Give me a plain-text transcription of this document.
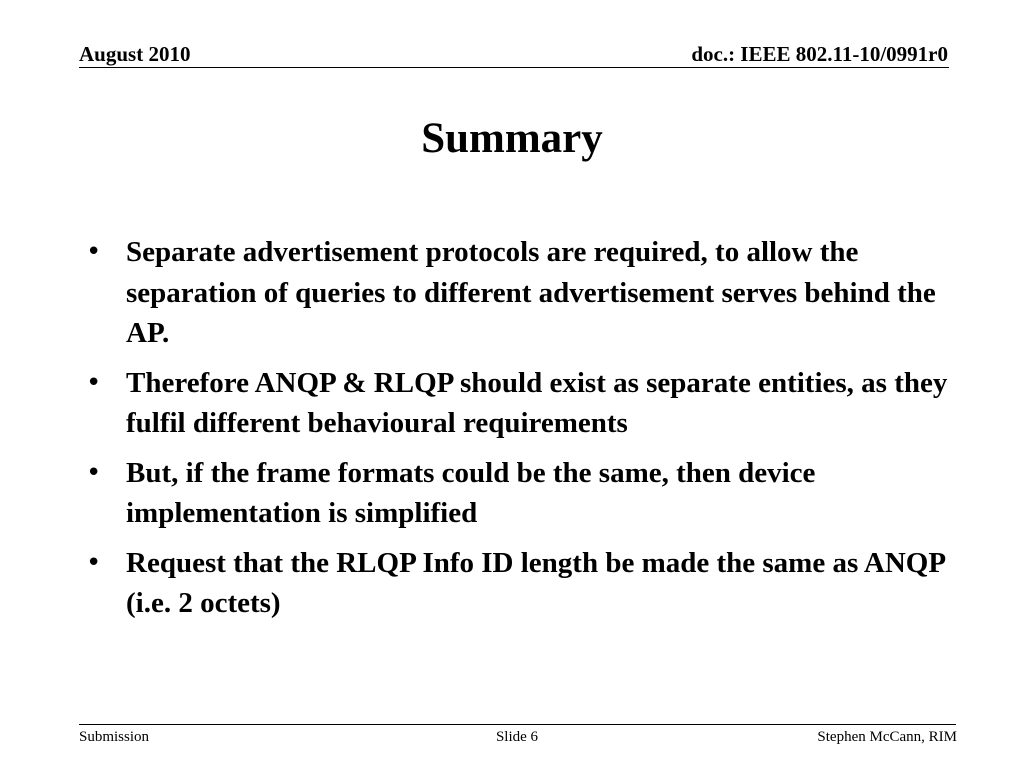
August 2010	doc.: IEEE 802.11-10/0991r0
Summary
• Separate advertisement protocols are required, to allow the separation of queries to different advertisement serves behind the AP.
• Therefore ANQP & RLQP should exist as separate entities, as they fulfil different behavioural requirements
• But, if the frame formats could be the same, then device implementation is simplified
• Request that the RLQP Info ID length be made the same as ANQP (i.e. 2 octets)
Submission	Slide 6	Stephen McCann, RIM
